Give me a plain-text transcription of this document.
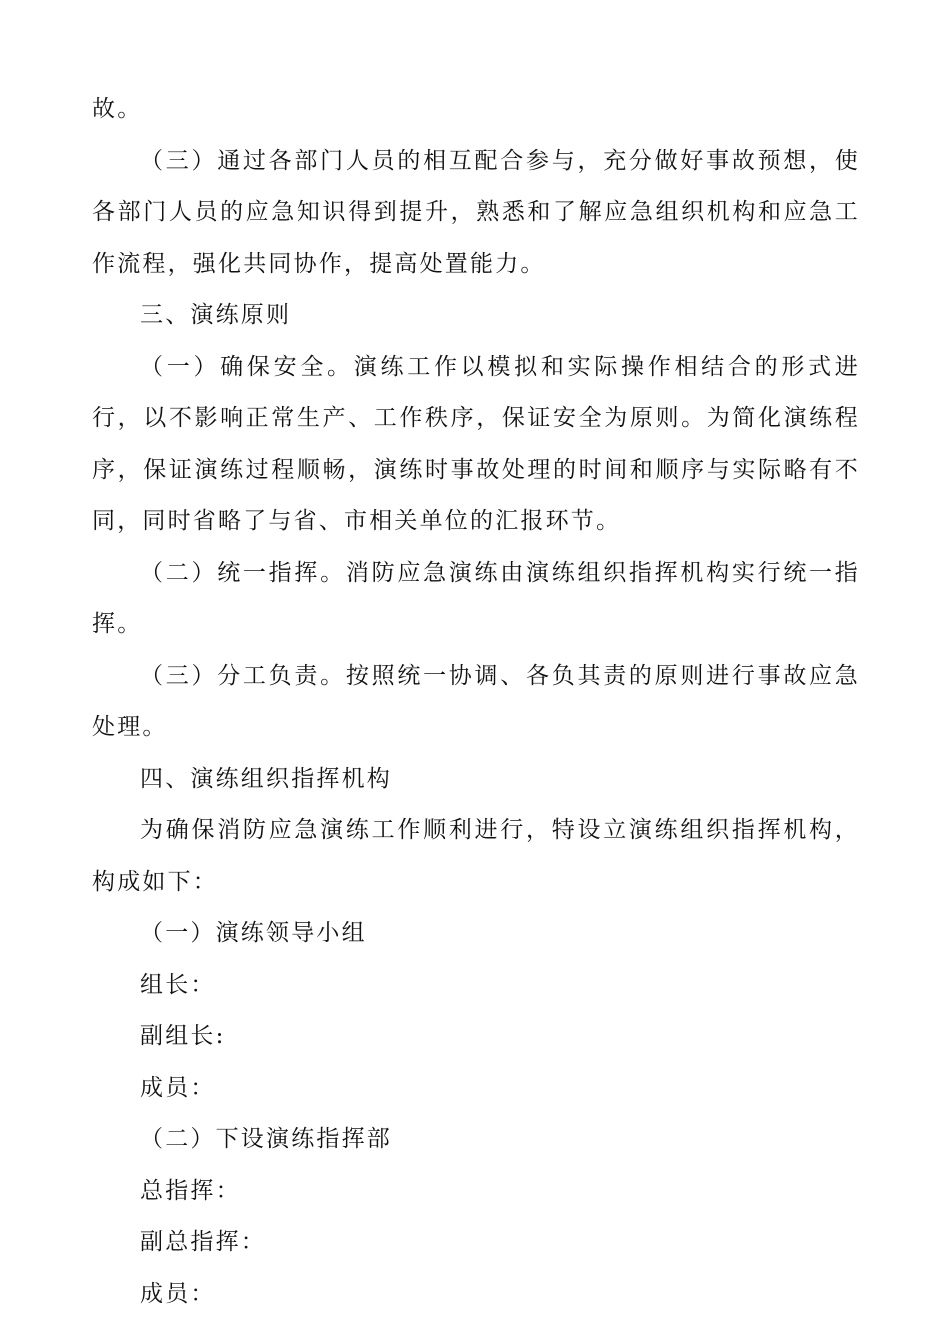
故。

（三）通过各部门人员的相互配合参与，充分做好事故预想，使各部门人员的应急知识得到提升，熟悉和了解应急组织机构和应急工作流程，强化共同协作，提高处置能力。

三、演练原则

（一）确保安全。演练工作以模拟和实际操作相结合的形式进行，以不影响正常生产、工作秩序，保证安全为原则。为简化演练程序，保证演练过程顺畅，演练时事故处理的时间和顺序与实际略有不同，同时省略了与省、市相关单位的汇报环节。

（二）统一指挥。消防应急演练由演练组织指挥机构实行统一指挥。

（三）分工负责。按照统一协调、各负其责的原则进行事故应急处理。

四、演练组织指挥机构

为确保消防应急演练工作顺利进行，特设立演练组织指挥机构，构成如下：

（一）演练领导小组

组长：

副组长:

成员：

（二）下设演练指挥部

总指挥：

副总指挥：

成员：
